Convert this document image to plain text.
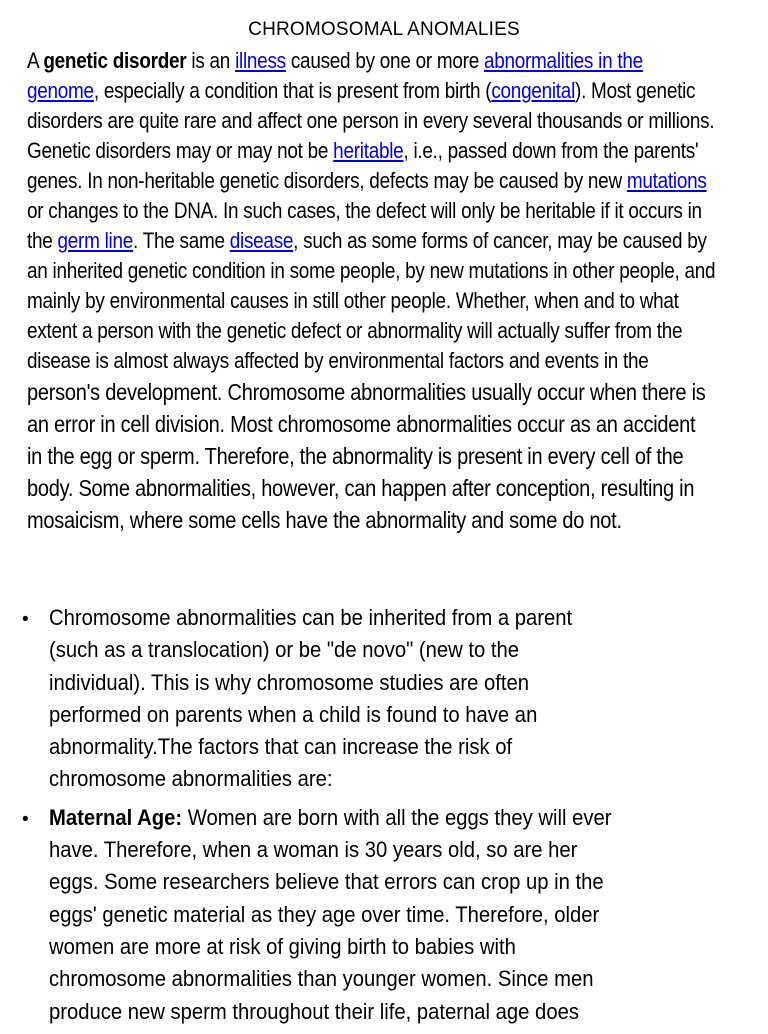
CHROMOSOMAL ANOMALIES
A genetic disorder is an illness caused by one or more abnormalities in the
genome, especially a condition that is present from birth (congenital). Most genetic
disorders are quite rare and affect one person in every several thousands or millions.
Genetic disorders may or may not be heritable, i.e., passed down from the parents'
genes. In non-heritable genetic disorders, defects may be caused by new mutations
or changes to the DNA. In such cases, the defect will only be heritable if it occurs in
the germ line. The same disease, such as some forms of cancer, may be caused by
an inherited genetic condition in some people, by new mutations in other people, and
mainly by environmental causes in still other people. Whether, when and to what
extent a person with the genetic defect or abnormality will actually suffer from the
disease is almost always affected by environmental factors and events in the
person's development. Chromosome abnormalities usually occur when there is
an error in cell division. Most chromosome abnormalities occur as an accident
in the egg or sperm. Therefore, the abnormality is present in every cell of the
body. Some abnormalities, however, can happen after conception, resulting in
mosaicism, where some cells have the abnormality and some do not.
• Chromosome abnormalities can be inherited from a parent
(such as a translocation) or be "de novo" (new to the
individual). This is why chromosome studies are often
performed on parents when a child is found to have an
abnormality.The factors that can increase the risk of
chromosome abnormalities are:
• Maternal Age: Women are born with all the eggs they will ever
have. Therefore, when a woman is 30 years old, so are her
eggs. Some researchers believe that errors can crop up in the
eggs' genetic material as they age over time. Therefore, older
women are more at risk of giving birth to babies with
chromosome abnormalities than younger women. Since men
produce new sperm throughout their life, paternal age does
